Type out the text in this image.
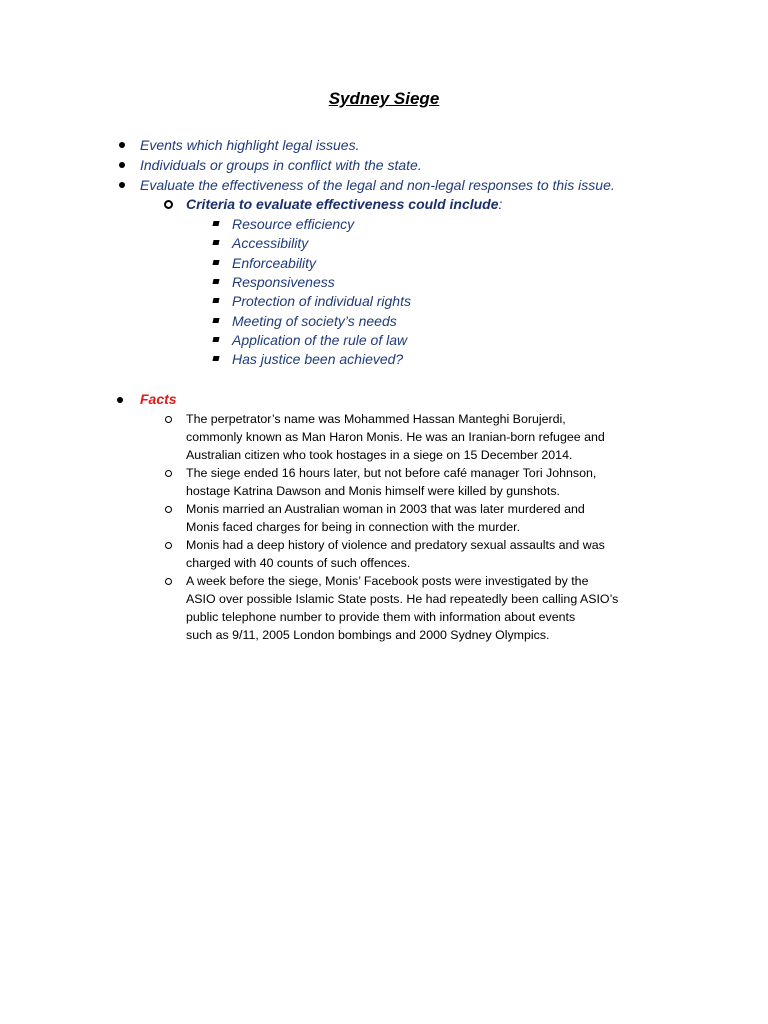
Sydney Siege
Events which highlight legal issues.
Individuals or groups in conflict with the state.
Evaluate the effectiveness of the legal and non-legal responses to this issue.
Criteria to evaluate effectiveness could include:
Resource efficiency
Accessibility
Enforceability
Responsiveness
Protection of individual rights
Meeting of society’s needs
Application of the rule of law
Has justice been achieved?
Facts
The perpetrator’s name was Mohammed Hassan Manteghi Borujerdi,
commonly known as Man Haron Monis. He was an Iranian-born refugee and
Australian citizen who took hostages in a siege on 15 December 2014.
The siege ended 16 hours later, but not before café manager Tori Johnson,
hostage Katrina Dawson and Monis himself were killed by gunshots.
Monis married an Australian woman in 2003 that was later murdered and
Monis faced charges for being in connection with the murder.
Monis had a deep history of violence and predatory sexual assaults and was
charged with 40 counts of such offences.
A week before the siege, Monis’ Facebook posts were investigated by the
ASIO over possible Islamic State posts. He had repeatedly been calling ASIO’s
public telephone number to provide them with information about events
such as 9/11, 2005 London bombings and 2000 Sydney Olympics.
